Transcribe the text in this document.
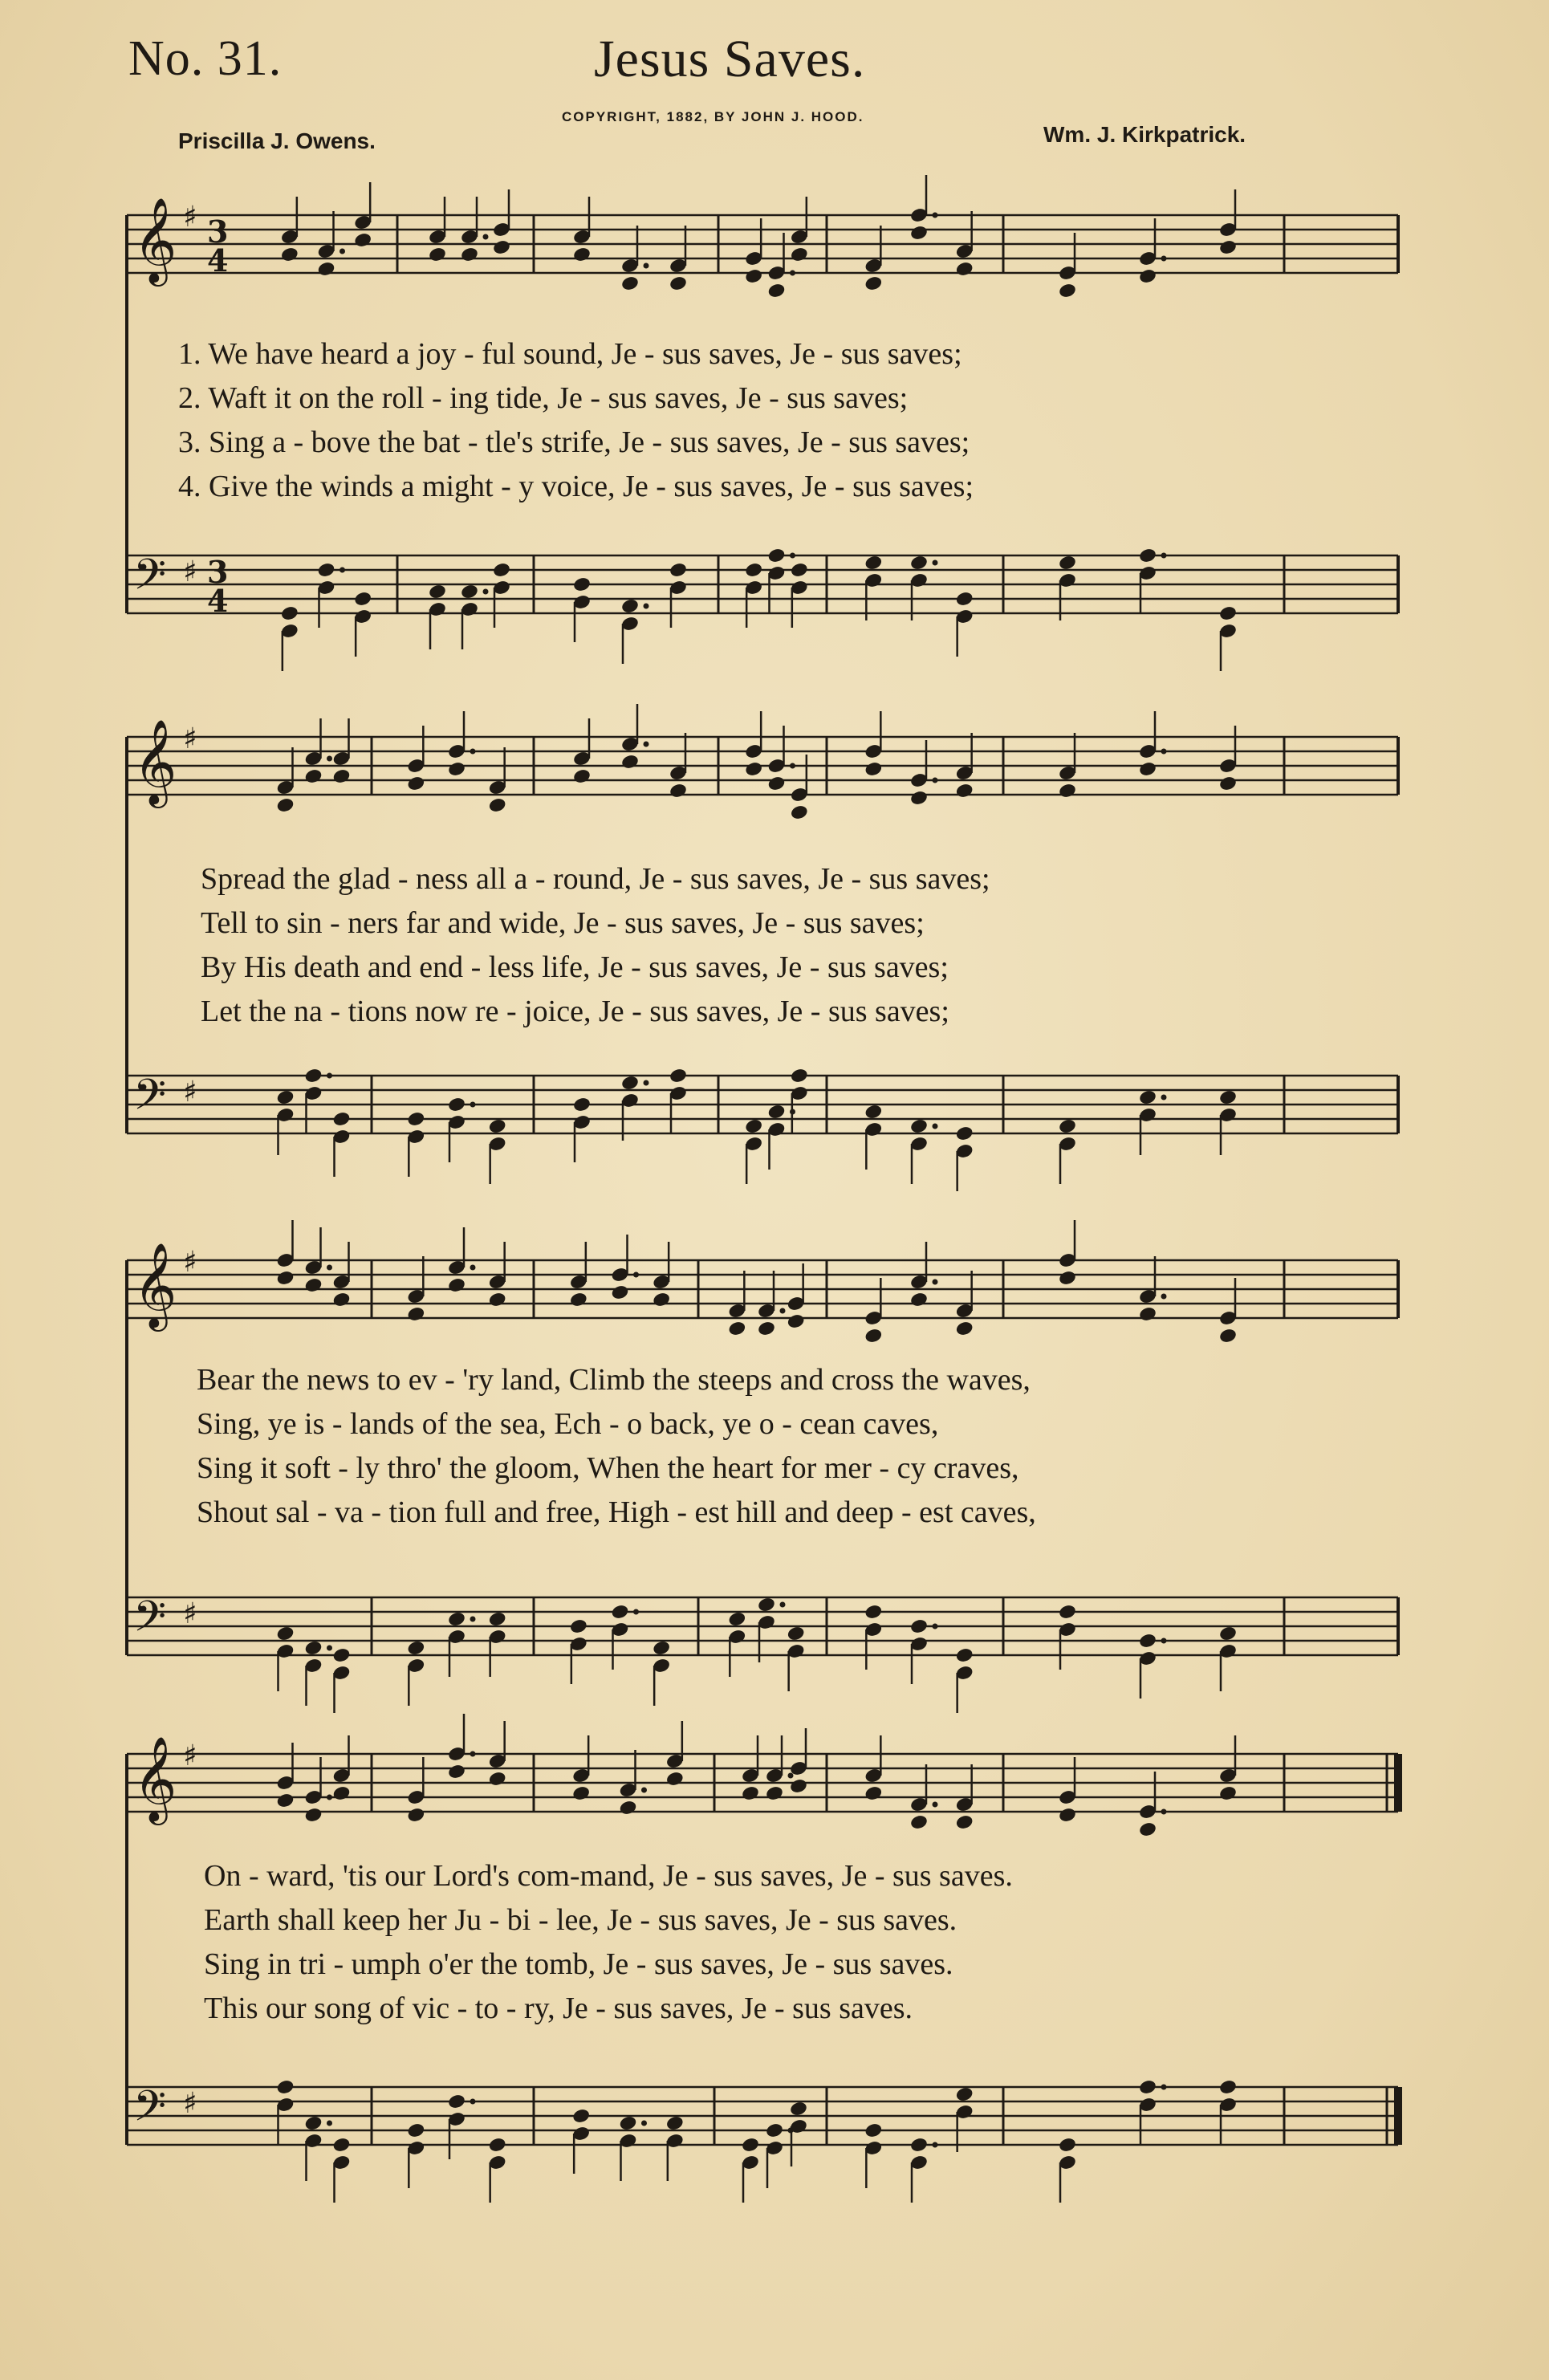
No. 31.	Jesus Saves.
COPYRIGHT, 1882, BY JOHN J. HOOD.
Priscilla J. Owens.	Wm. J. Kirkpatrick.
𝄞 ♯ 3
4
𝄢 ♯ 3
4
𝄞 ♯
𝄢 ♯
𝄞 ♯
𝄢 ♯
𝄞 ♯
𝄢 ♯
1. We have heard a joy - ful sound, Je - sus saves, Je - sus saves;
2. Waft it on the roll - ing tide, Je - sus saves, Je - sus saves;
3. Sing a - bove the bat - tle's strife, Je - sus saves, Je - sus saves;
4. Give the winds a might - y voice, Je - sus saves, Je - sus saves;
Spread the glad - ness all a - round, Je - sus saves, Je - sus saves;
Tell to sin - ners far and wide, Je - sus saves, Je - sus saves;
By His death and end - less life, Je - sus saves, Je - sus saves;
Let the na - tions now re - joice, Je - sus saves, Je - sus saves;
Bear the news to ev - 'ry land, Climb the steeps and cross the waves,
Sing, ye is - lands of the sea, Ech - o back, ye o - cean caves,
Sing it soft - ly thro' the gloom, When the heart for mer - cy craves,
Shout sal - va - tion full and free, High - est hill and deep - est caves,
On - ward, 'tis our Lord's com-mand, Je - sus saves, Je - sus saves.
Earth shall keep her Ju - bi - lee, Je - sus saves, Je - sus saves.
Sing in tri - umph o'er the tomb, Je - sus saves, Je - sus saves.
This our song of vic - to - ry, Je - sus saves, Je - sus saves.
